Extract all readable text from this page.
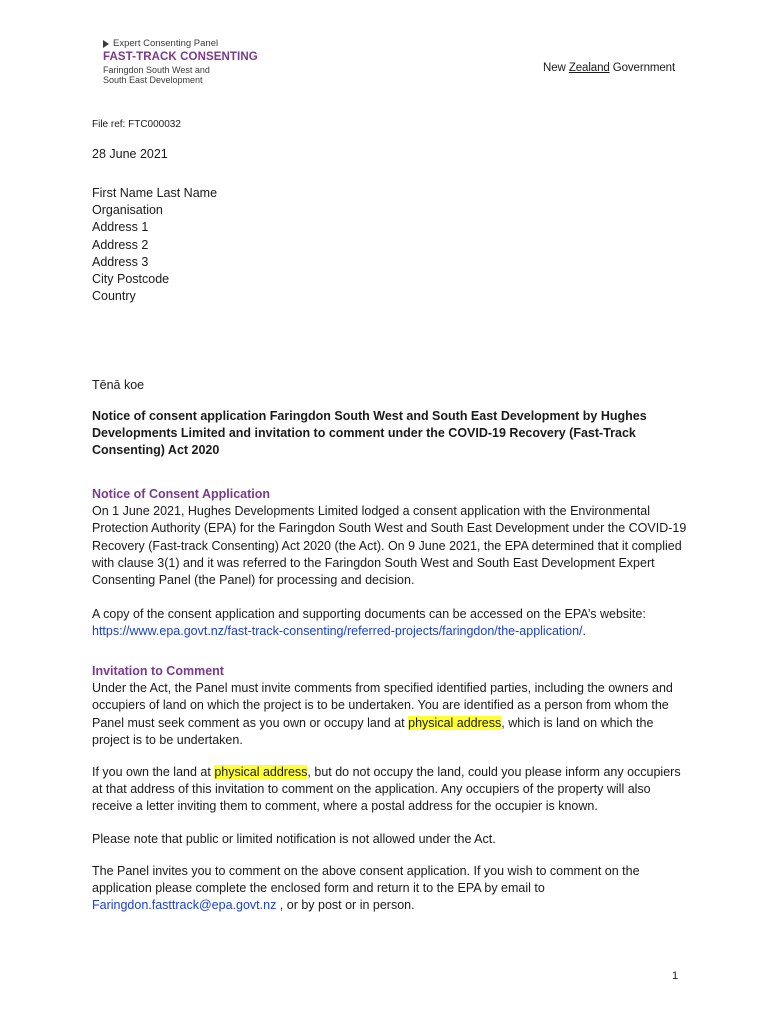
Expert Consenting Panel
FAST-TRACK CONSENTING
Faringdon South West and
South East Development
New Zealand Government
File ref: FTC000032
28 June 2021
First Name Last Name
Organisation
Address 1
Address 2
Address 3
City Postcode
Country
Tēnā koe
Notice of consent application Faringdon South West and South East Development by Hughes Developments Limited and invitation to comment under the COVID-19 Recovery (Fast-Track Consenting) Act 2020
Notice of Consent Application
On 1 June 2021, Hughes Developments Limited lodged a consent application with the Environmental Protection Authority (EPA) for the Faringdon South West and South East Development under the COVID-19 Recovery (Fast-track Consenting) Act 2020 (the Act). On 9 June 2021, the EPA determined that it complied with clause 3(1) and it was referred to the Faringdon South West and South East Development Expert Consenting Panel (the Panel) for processing and decision.
A copy of the consent application and supporting documents can be accessed on the EPA’s website: https://www.epa.govt.nz/fast-track-consenting/referred-projects/faringdon/the-application/.
Invitation to Comment
Under the Act, the Panel must invite comments from specified identified parties, including the owners and occupiers of land on which the project is to be undertaken. You are identified as a person from whom the Panel must seek comment as you own or occupy land at physical address, which is land on which the project is to be undertaken.
If you own the land at physical address, but do not occupy the land, could you please inform any occupiers at that address of this invitation to comment on the application. Any occupiers of the property will also receive a letter inviting them to comment, where a postal address for the occupier is known.
Please note that public or limited notification is not allowed under the Act.
The Panel invites you to comment on the above consent application. If you wish to comment on the application please complete the enclosed form and return it to the EPA by email to Faringdon.fasttrack@epa.govt.nz , or by post or in person.
1
